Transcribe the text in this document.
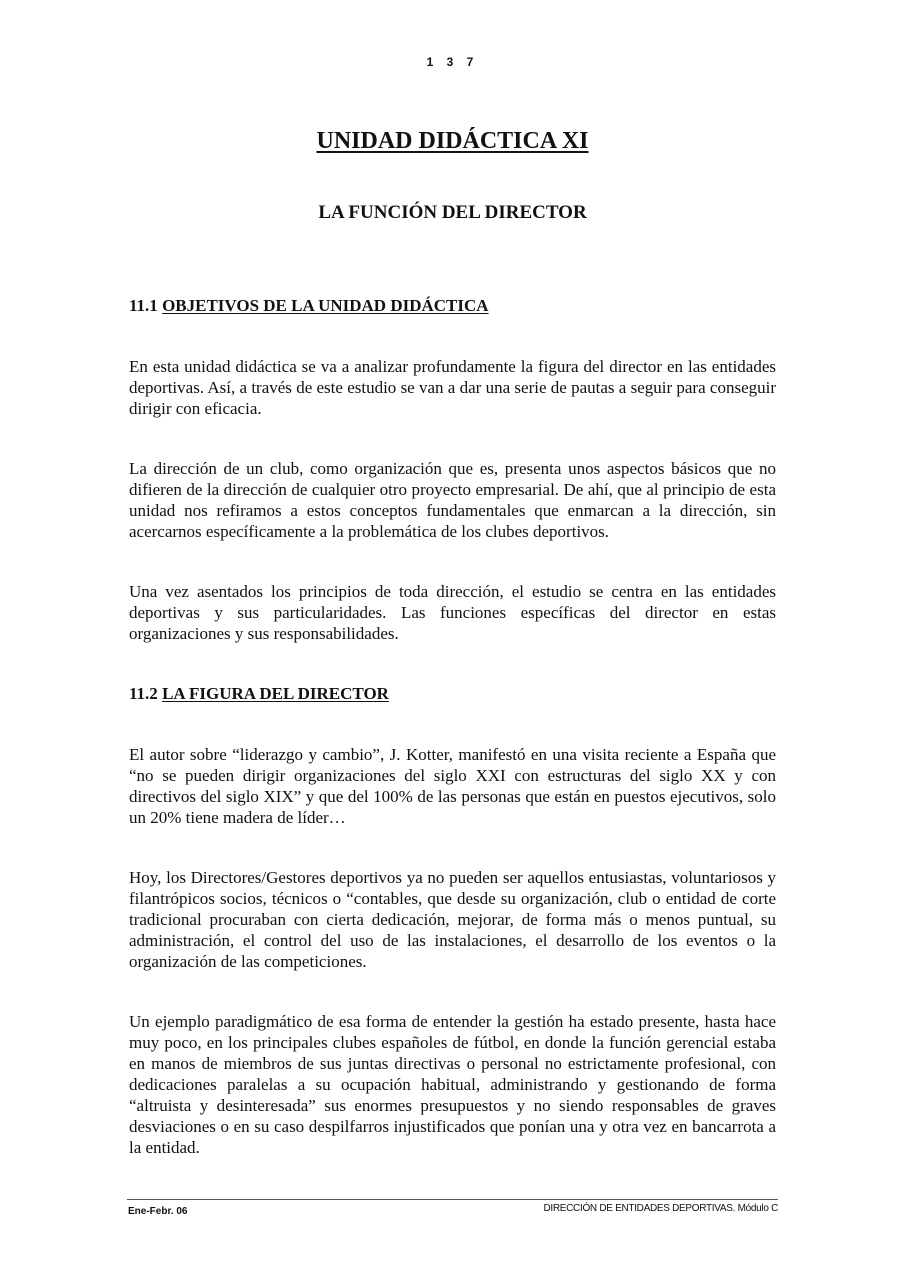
1 3 7
UNIDAD DIDÁCTICA XI
LA FUNCIÓN DEL DIRECTOR
11.1 OBJETIVOS DE LA UNIDAD DIDÁCTICA

En esta unidad didáctica se va a analizar profundamente la figura del director en las entidades deportivas. Así, a través de este estudio se van a dar una serie de pautas a seguir para conseguir dirigir con eficacia.

La dirección de un club, como organización que es, presenta unos aspectos básicos que no difieren de la dirección de cualquier otro proyecto empresarial. De ahí, que al principio de esta unidad nos refiramos a estos conceptos fundamentales que enmarcan a la dirección, sin acercarnos específicamente a la problemática de los clubes deportivos.

Una vez asentados los principios de toda dirección, el estudio se centra en las entidades deportivas y sus particularidades. Las funciones específicas del director en estas organizaciones y sus responsabilidades.

11.2 LA FIGURA DEL DIRECTOR

El autor sobre “liderazgo y cambio”, J. Kotter, manifestó en una visita reciente a España que “no se pueden dirigir organizaciones del siglo XXI con estructuras del siglo XX y con directivos del siglo XIX” y que del 100% de las personas que están en puestos ejecutivos, solo un 20% tiene madera de líder…

Hoy, los Directores/Gestores deportivos ya no pueden ser aquellos entusiastas, voluntariosos y filantrópicos socios, técnicos o “contables, que desde su organización, club o entidad de corte tradicional procuraban con cierta dedicación, mejorar, de forma más o menos puntual, su administración, el control del uso de las instalaciones, el desarrollo de los eventos o la organización de las competiciones.

Un ejemplo paradigmático de esa forma de entender la gestión ha estado presente, hasta hace muy poco, en los principales clubes españoles de fútbol, en donde la función gerencial estaba en manos de miembros de sus juntas directivas o personal no estrictamente profesional, con dedicaciones paralelas a su ocupación habitual, administrando y gestionando de forma “altruista y desinteresada” sus enormes presupuestos y no siendo responsables de graves desviaciones o en su caso despilfarros injustificados que ponían una y otra vez en bancarrota a la entidad.

Ene-Febr. 06	DIRECCIÓN DE ENTIDADES DEPORTIVAS. Módulo C
